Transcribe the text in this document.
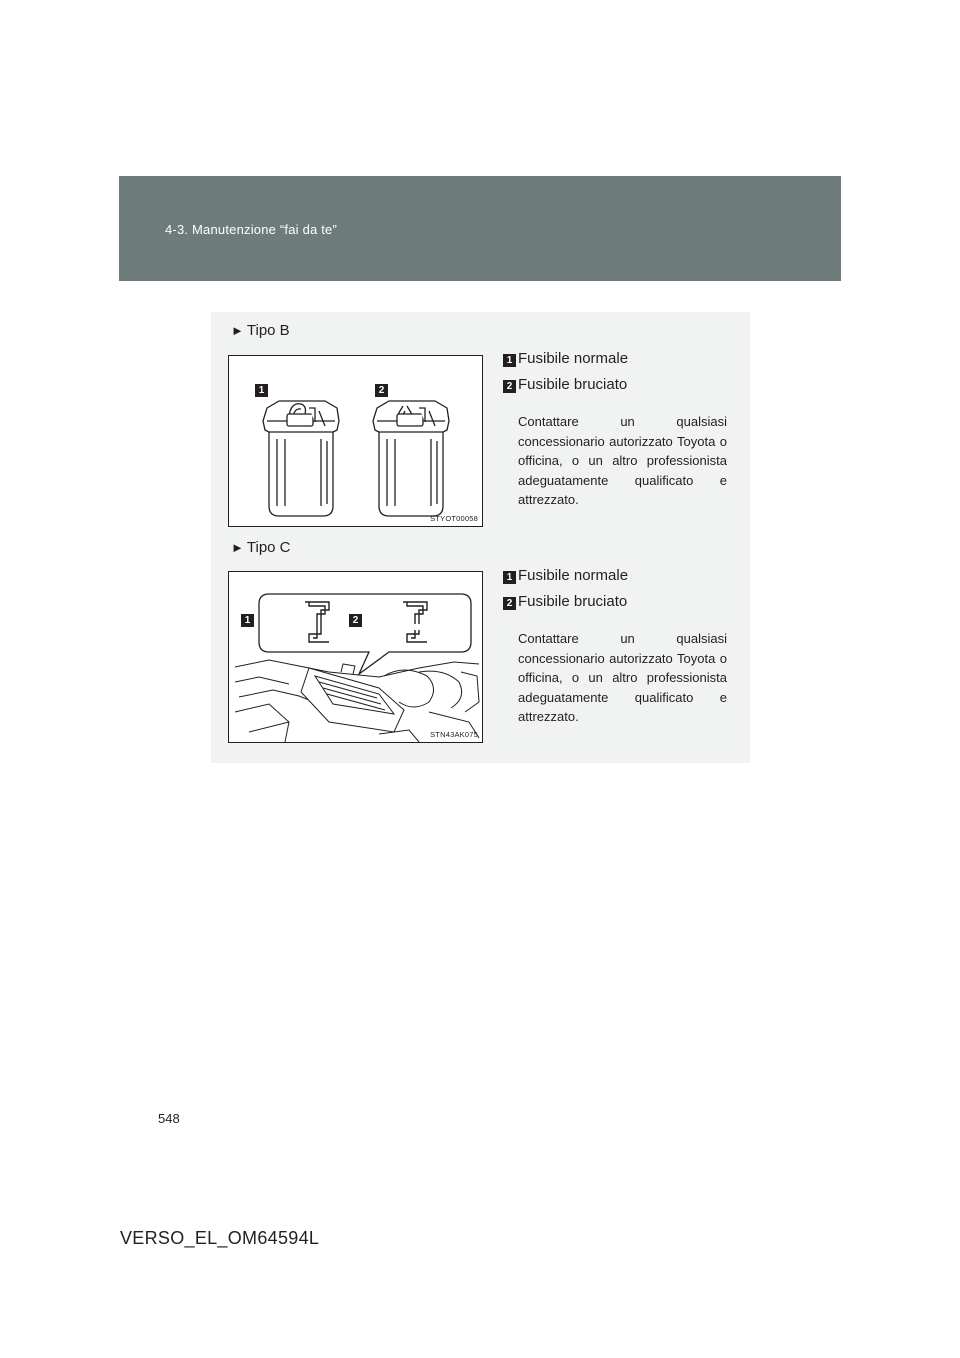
4-3. Manutenzione “fai da te”
► Tipo B
1	2
STYOT00058
1 Fusibile normale
2 Fusibile bruciato
Contattare un qualsiasi concessionario autorizzato Toyota o officina, o un altro professionista adeguatamente qualificato e attrezzato.
► Tipo C
1	2
STN43AK075
1 Fusibile normale
2 Fusibile bruciato
Contattare un qualsiasi concessionario autorizzato Toyota o officina, o un altro professionista adeguatamente qualificato e attrezzato.
548
VERSO_EL_OM64594L
